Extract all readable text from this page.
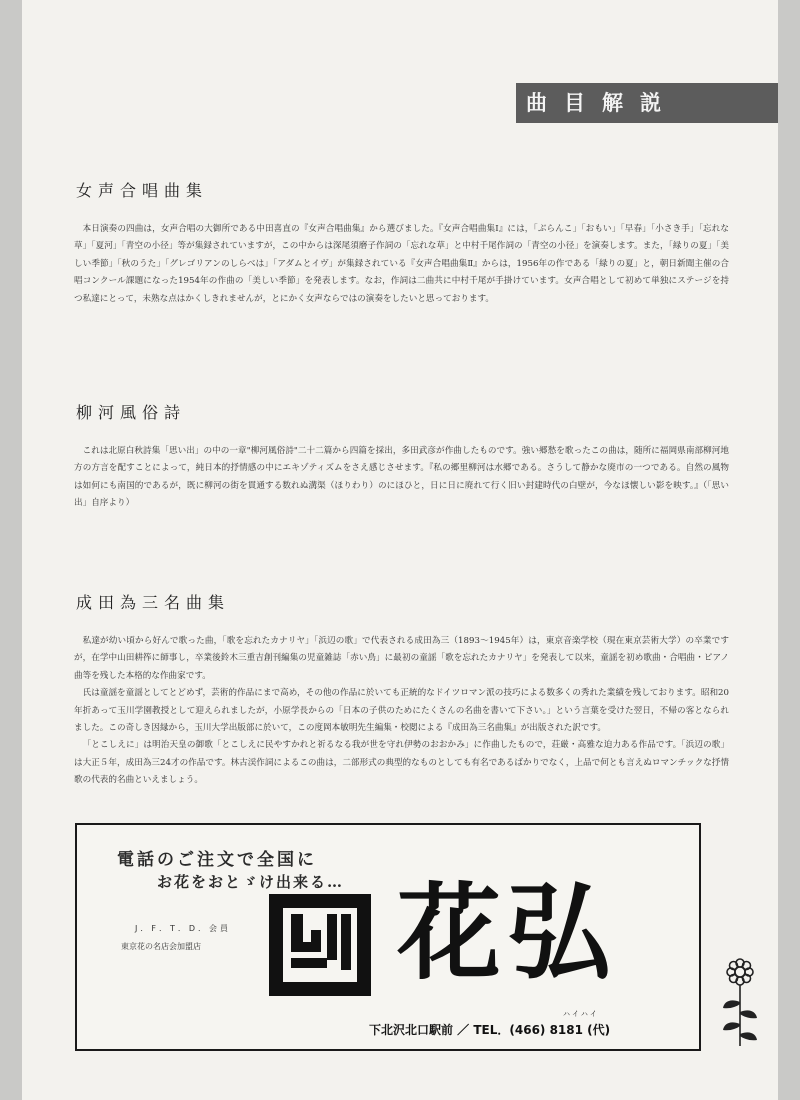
曲目解説
女声合唱曲集

本日演奏の四曲は，女声合唱の大御所である中田喜直の『女声合唱曲集』から選びました。『女声合唱曲集Ⅰ』には，「ぶらんこ」「おもい」「早春」「小さき手」「忘れな草」「夏河」「青空の小径」等が集録されていますが，この中からは深尾須磨子作詞の「忘れな草」と中村千尾作詞の「青空の小径」を演奏します。また，「緑りの夏」「美しい季節」「秋のうた」「グレゴリアンのしらべは」「アダムとイヴ」が集録されている『女声合唱曲集Ⅱ』からは，1956年の作である「緑りの夏」と，朝日新聞主催の合唱コンクール課題になった1954年の作曲の「美しい季節」を発表します。なお，作詞は二曲共に中村千尾が手掛けています。女声合唱として初めて単独にステージを持つ私達にとって，未熟な点はかくしきれませんが，とにかく女声ならではの演奏をしたいと思っております。

柳河風俗詩

これは北原白秋詩集「思い出」の中の一章"柳河風俗詩"二十二篇から四篇を採出，多田武彦が作曲したものです。強い郷愁を歌ったこの曲は，随所に福岡県南部柳河地方の方言を配すことによって，純日本的抒情感の中にエキゾティズムをさえ感じさせます。『私の郷里柳河は水郷である。さうして静かな廃市の一つである。自然の風物は如何にも南国的であるが，既に柳河の街を貫通する数れぬ溝渠（ほりわり）のにほひと，日に日に廃れて行く旧い封建時代の白壁が，今なほ懐しい影を映す。』（「思い出」自序より）

成田為三名曲集

私達が幼い頃から好んで歌った曲，「歌を忘れたカナリヤ」「浜辺の歌」で代表される成田為三（1893～1945年）は，東京音楽学校（現在東京芸術大学）の卒業ですが，在学中山田耕筰に師事し，卒業後鈴木三重吉創刊編集の児童雑誌「赤い鳥」に最初の童謡「歌を忘れたカナリヤ」を発表して以来，童謡を初め歌曲・合唱曲・ピアノ曲等を残した本格的な作曲家です。

氏は童謡を童謡としてとどめず，芸術的作品にまで高め，その他の作品に於いても正統的なドイツロマン派の技巧による数多くの秀れた業績を残しております。昭和20年折あって玉川学園教授として迎えられましたが，小原学長からの「日本の子供のためにたくさんの名曲を書いて下さい。」という言葉を受けた翌日，不帰の客となられました。この奇しき因縁から，玉川大学出版部に於いて，この度岡本敏明先生編集・校閲による『成田為三名曲集』が出版された訳です。

「とこしえに」は明治天皇の御歌「とこしえに民やすかれと祈るなる我が世を守れ伊勢のおおかみ」に作曲したもので，荘厳・高雅な迫力ある作品です。「浜辺の歌」は大正５年，成田為三24才の作品です。林古渓作詞によるこの曲は，二部形式の典型的なものとしても有名であるばかりでなく，上品で何とも言えぬロマンチックな抒情歌の代表的名曲といえましょう。

電話のご注文で全国に
お花をおとゞけ出来る…
J．F．T．D．会員
東京花の名店会加盟店 花弘
ハイハイ
下北沢北口駅前 ／ TEL．(466) 8181 (代)
